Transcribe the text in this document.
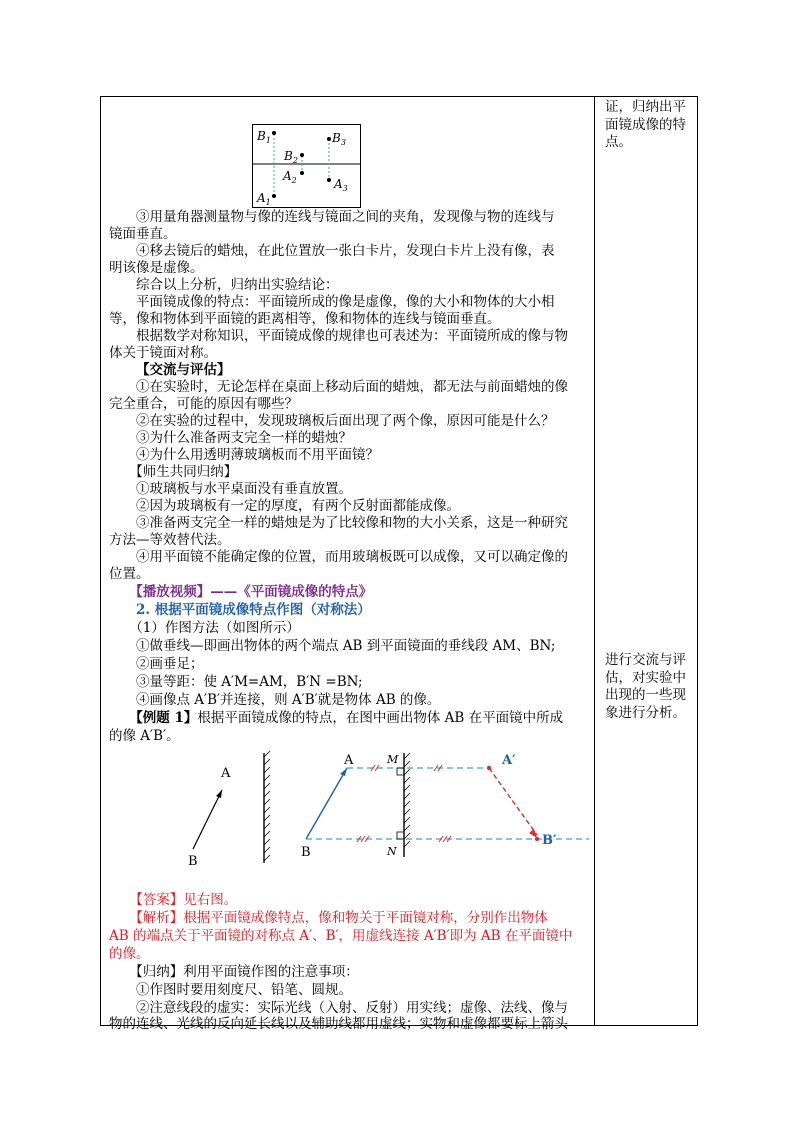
$B_1$
$B_2$
$B_3$
$A_2$	$A_3$
$A_1$
　　③用量角器测量物与像的连线与镜面之间的夹角，发现像与物的连线与
镜面垂直。
　　④移去镜后的蜡烛，在此位置放一张白卡片，发现白卡片上没有像，表
明该像是虚像。
　　综合以上分析，归纳出实验结论：
　　平面镜成像的特点：平面镜所成的像是虚像，像的大小和物体的大小相
等，像和物体到平面镜的距离相等，像和物体的连线与镜面垂直。
　　根据数学对称知识，平面镜成像的规律也可表述为：平面镜所成的像与物
体关于镜面对称。
【交流与评估】
　　①在实验时，无论怎样在桌面上移动后面的蜡烛，都无法与前面蜡烛的像
完全重合，可能的原因有哪些？
　　②在实验的过程中，发现玻璃板后面出现了两个像，原因可能是什么？
　　③为什么准备两支完全一样的蜡烛？
　　④为什么用透明薄玻璃板而不用平面镜？
　　【师生共同归纳】
　　①玻璃板与水平桌面没有垂直放置。
　　②因为玻璃板有一定的厚度，有两个反射面都能成像。
　　③准备两支完全一样的蜡烛是为了比较像和物的大小关系，这是一种研究
方法—等效替代法。
　　④用平面镜不能确定像的位置，而用玻璃板既可以成像，又可以确定像的
位置。
　　【播放视频】——《平面镜成像的特点》
　　2. 根据平面镜成像特点作图（对称法）
　　（1）作图方法（如图所示）
　　①做垂线—即画出物体的两个端点 AB 到平面镜面的垂线段 AM、BN;
　　②画垂足；
　　③量等距：使 A′M=AM，B′N =BN;
　　④画像点 A′B′并连接，则 A′B′就是物体 AB 的像。
　　【例题 1】根据平面镜成像的特点，在图中画出物体 AB 在平面镜中所成
的像 A′B′。
A
B
A
B
M
N
A′
B′
　　【答案】见右图。
　　【解析】根据平面镜成像特点，像和物关于平面镜对称，分别作出物体
AB 的端点关于平面镜的对称点 A′、B′，用虚线连接 A′B′即为 AB 在平面镜中
的像。
　　【归纳】利用平面镜作图的注意事项：
　　①作图时要用刻度尺、铅笔、圆规。
　　②注意线段的虚实：实际光线（入射、反射）用实线；虚像、法线、像与
物的连线、光线的反向延长线以及辅助线都用虚线；实物和虚像都要标上箭头
证，归纳出平
面镜成像的特
点。
进行交流与评
估，对实验中
出现的一些现
象进行分析。
